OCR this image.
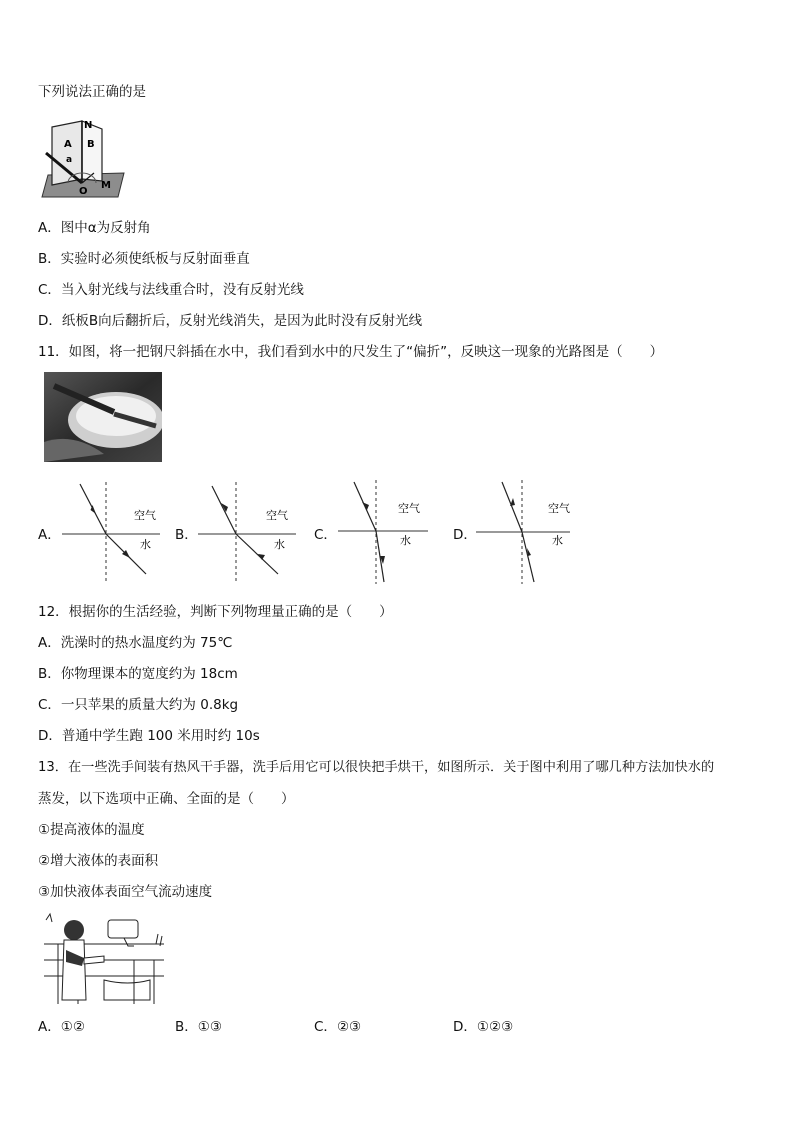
下列说法正确的是
N
A B
a
O
M
A．图中α为反射角
B．实验时必须使纸板与反射面垂直
C．当入射光线与法线重合时，没有反射光线
D．纸板B向后翻折后，反射光线消失，是因为此时没有反射光线
11．如图，将一把钢尺斜插在水中，我们看到水中的尺发生了“偏折”，反映这一现象的光路图是（　　）
A．
空气
水
B．
空气
水
C．
空气
水	D．
空气
水
12．根据你的生活经验，判断下列物理量正确的是（　　）
A．洗澡时的热水温度约为 75℃
B．你物理课本的宽度约为 18cm
C．一只苹果的质量大约为 0.8kg
D．普通中学生跑 100 米用时约 10s
13．在一些洗手间装有热风干手器，洗手后用它可以很快把手烘干，如图所示．关于图中利用了哪几种方法加快水的
蒸发，以下选项中正确、全面的是（　　）
①提高液体的温度
②增大液体的表面积
③加快液体表面空气流动速度
A．①②	B．①③	C．②③	D．①②③
